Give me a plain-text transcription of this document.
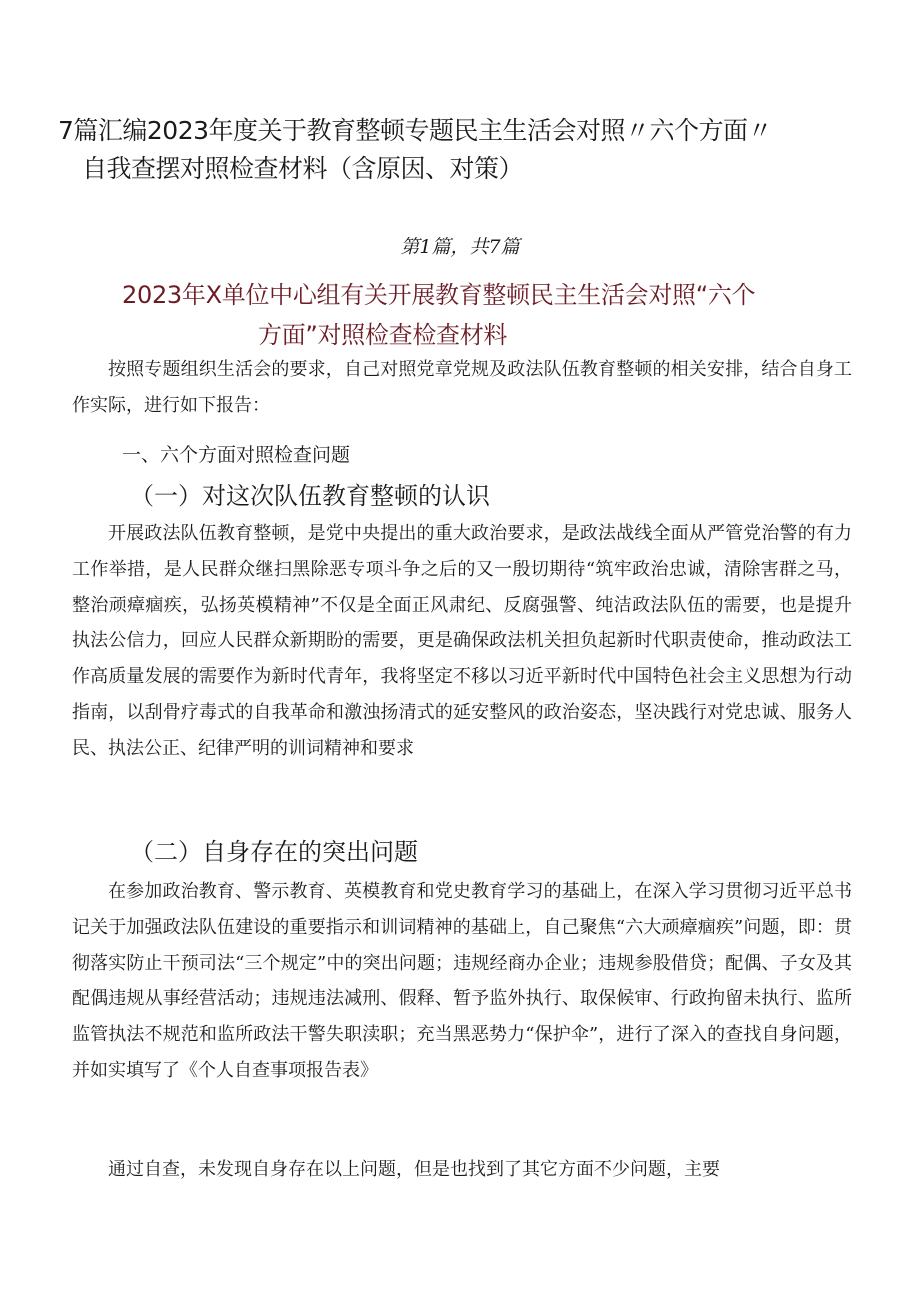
7篇汇编2023年度关于教育整顿专题民主生活会对照〃六个方面〃
自我查摆对照检查材料（含原因、对策）
第1篇，共7篇
2023年X单位中心组有关开展教育整顿民主生活会对照“六个
方面”对照检查检查材料

按照专题组织生活会的要求，自己对照党章党规及政法队伍教育整顿的相关安排，结合自身工作实际，进行如下报告：

一、六个方面对照检查问题
（一）对这次队伍教育整顿的认识

开展政法队伍教育整顿，是党中央提出的重大政治要求，是政法战线全面从严管党治警的有力工作举措，是人民群众继扫黑除恶专项斗争之后的又一殷切期待“筑牢政治忠诚，清除害群之马，整治顽瘴痼疾，弘扬英模精神”不仅是全面正风肃纪、反腐强警、纯洁政法队伍的需要，也是提升执法公信力，回应人民群众新期盼的需要，更是确保政法机关担负起新时代职责使命，推动政法工作高质量发展的需要作为新时代青年，我将坚定不移以习近平新时代中国特色社会主义思想为行动指南，以刮骨疗毒式的自我革命和激浊扬清式的延安整风的政治姿态，坚决践行对党忠诚、服务人民、执法公正、纪律严明的训词精神和要求

（二）自身存在的突出问题

在参加政治教育、警示教育、英模教育和党史教育学习的基础上，在深入学习贯彻习近平总书记关于加强政法队伍建设的重要指示和训词精神的基础上，自己聚焦“六大顽瘴痼疾”问题，即：贯彻落实防止干预司法“三个规定”中的突出问题；违规经商办企业；违规参股借贷；配偶、子女及其配偶违规从事经营活动；违规违法减刑、假释、暂予监外执行、取保候审、行政拘留未执行、监所监管执法不规范和监所政法干警失职渎职；充当黑恶势力“保护伞”，进行了深入的查找自身问题，并如实填写了《个人自查事项报告表》

通过自查，未发现自身存在以上问题，但是也找到了其它方面不少问题，主要
